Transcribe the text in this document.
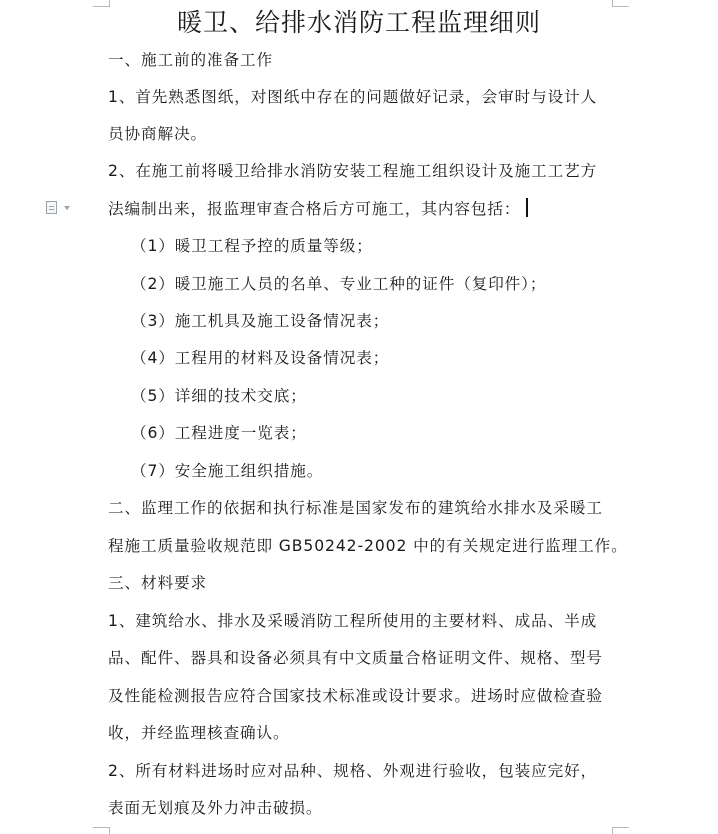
暖卫、给排水消防工程监理细则
一、施工前的准备工作
1、首先熟悉图纸，对图纸中存在的问题做好记录，会审时与设计人
员协商解决。
2、在施工前将暖卫给排水消防安装工程施工组织设计及施工工艺方
法编制出来，报监理审查合格后方可施工，其内容包括：
（1）暖卫工程予控的质量等级；
（2）暖卫施工人员的名单、专业工种的证件（复印件）；
（3）施工机具及施工设备情况表；
（4）工程用的材料及设备情况表；
（5）详细的技术交底；
（6）工程进度一览表；
（7）安全施工组织措施。
二、监理工作的依据和执行标准是国家发布的建筑给水排水及采暖工
程施工质量验收规范即 GB50242-2002 中的有关规定进行监理工作。
三、材料要求
1、建筑给水、排水及采暖消防工程所使用的主要材料、成品、半成
品、配件、器具和设备必须具有中文质量合格证明文件、规格、型号
及性能检测报告应符合国家技术标准或设计要求。进场时应做检查验
收，并经监理核查确认。
2、所有材料进场时应对品种、规格、外观进行验收，包装应完好，
表面无划痕及外力冲击破损。
